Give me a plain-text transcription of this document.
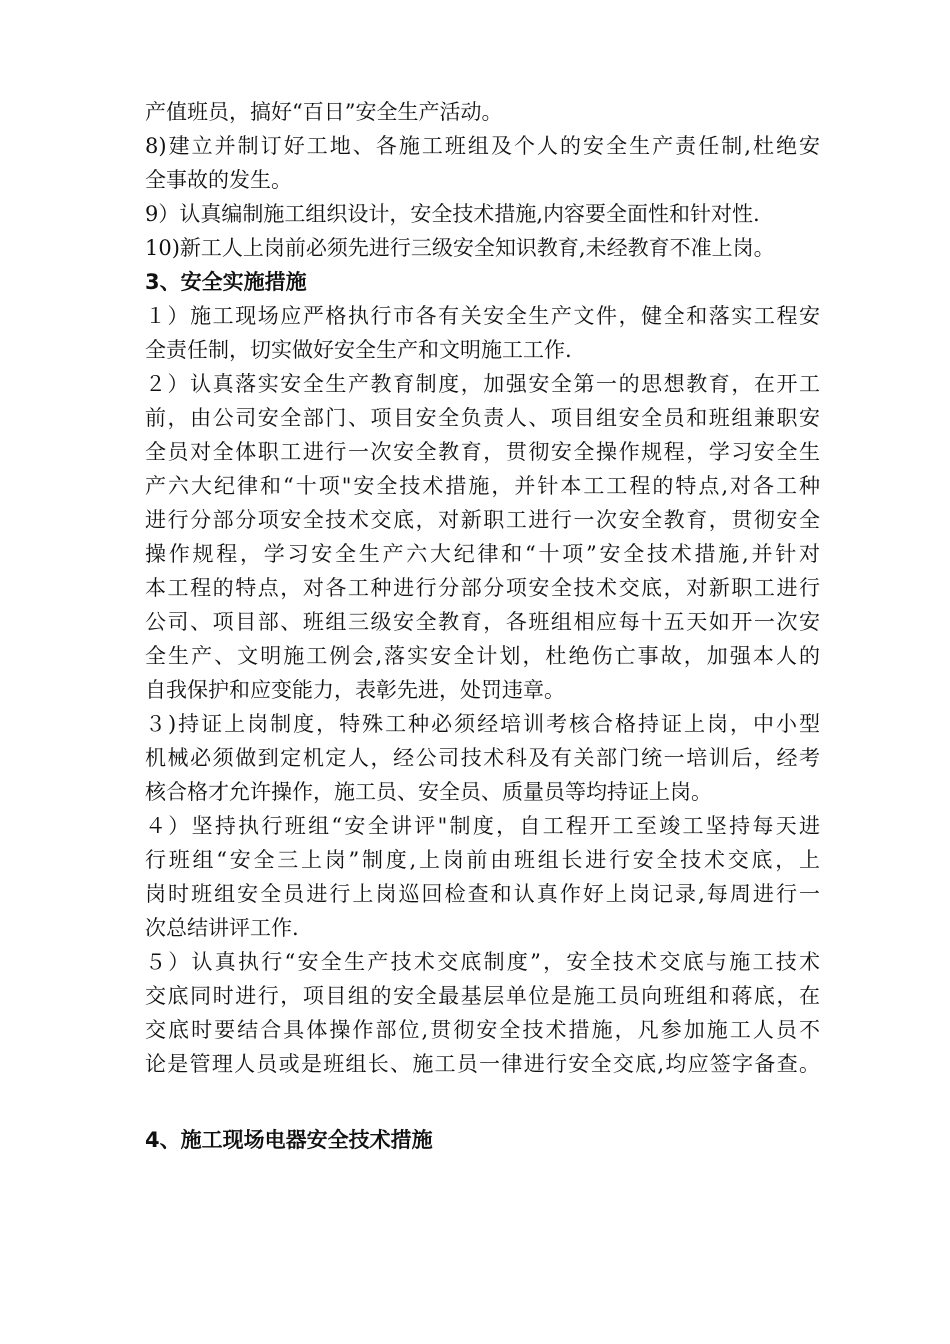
产值班员，搞好“百日”安全生产活动。
8)建立并制订好工地、各施工班组及个人的安全生产责任制,杜绝安
全事故的发生。
9）认真编制施工组织设计，安全技术措施,内容要全面性和针对性.
10)新工人上岗前必须先进行三级安全知识教育,未经教育不准上岗。
3、安全实施措施
１）施工现场应严格执行市各有关安全生产文件，健全和落实工程安
全责任制，切实做好安全生产和文明施工工作.
２）认真落实安全生产教育制度，加强安全第一的思想教育，在开工
前，由公司安全部门、项目安全负责人、项目组安全员和班组兼职安
全员对全体职工进行一次安全教育，贯彻安全操作规程，学习安全生
产六大纪律和“十项"安全技术措施，并针本工工程的特点,对各工种
进行分部分项安全技术交底，对新职工进行一次安全教育，贯彻安全
操作规程，学习安全生产六大纪律和“十项”安全技术措施,并针对
本工程的特点，对各工种进行分部分项安全技术交底，对新职工进行
公司、项目部、班组三级安全教育，各班组相应每十五天如开一次安
全生产、文明施工例会,落实安全计划，杜绝伤亡事故，加强本人的
自我保护和应变能力，表彰先进，处罚违章。
３)持证上岗制度，特殊工种必须经培训考核合格持证上岗，中小型
机械必须做到定机定人，经公司技术科及有关部门统一培训后，经考
核合格才允许操作，施工员、安全员、质量员等均持证上岗。
４）坚持执行班组“安全讲评"制度，自工程开工至竣工坚持每天进
行班组“安全三上岗”制度,上岗前由班组长进行安全技术交底，上
岗时班组安全员进行上岗巡回检查和认真作好上岗记录,每周进行一
次总结讲评工作.
５）认真执行“安全生产技术交底制度”，安全技术交底与施工技术
交底同时进行，项目组的安全最基层单位是施工员向班组和蒋底，在
交底时要结合具体操作部位,贯彻安全技术措施，凡参加施工人员不
论是管理人员或是班组长、施工员一律进行安全交底,均应签字备查。
4、施工现场电器安全技术措施
